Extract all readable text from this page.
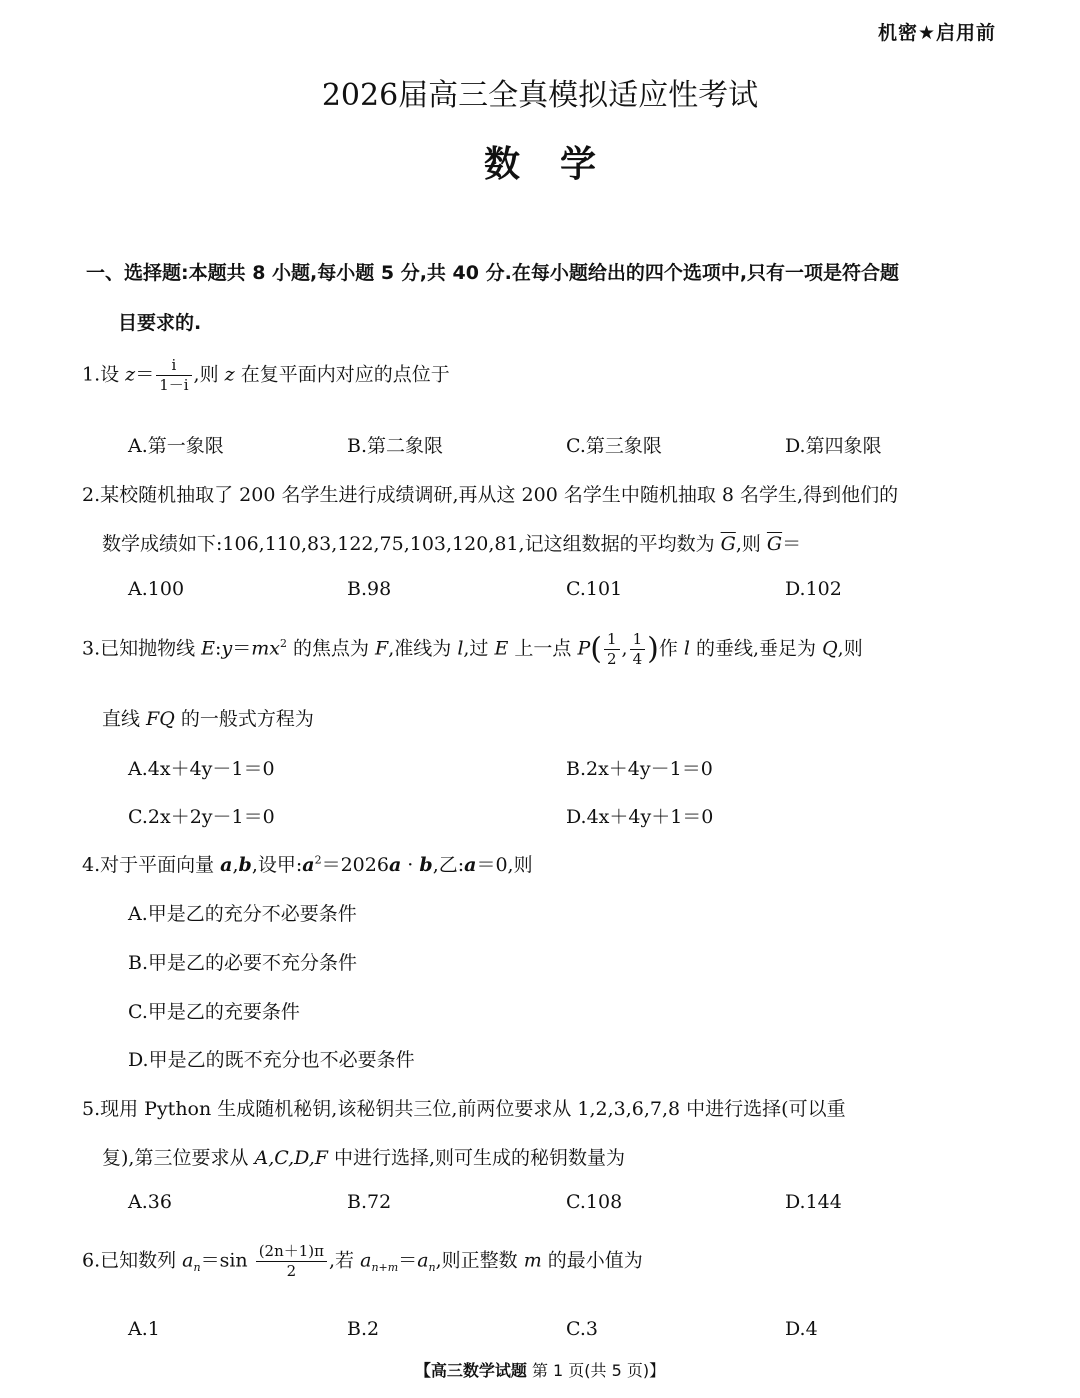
机密★启用前
2026届高三全真模拟适应性考试
数学
一、选择题:本题共 8 小题,每小题 5 分,共 40 分.在每小题给出的四个选项中,只有一项是符合题
目要求的.
1.设 $z= \frac{i}{1-i}$ ,则 z 在复平面内对应的点位于
A.第一象限	B.第二象限	C.第三象限	D.第四象限
2.某校随机抽取了 200 名学生进行成绩调研,再从这 200 名学生中随机抽取 8 名学生,得到他们的
数学成绩如下:106,110,83,122,75,103,120,81,记这组数据的平均数为 $\overline{G}$,则 $\overline{G}=$
A.100	B.98	C.101	D.102
3.已知抛物线 $E:y=mx^2$ 的焦点为 F,准线为 l,过 E 上一点 $P( \frac{1}{2}$ , $\frac{1}{4}$ )作 l 的垂线,垂足为 Q,则
直线 FQ 的一般式方程为
A.4x＋4y－1＝0	B.2x＋4y－1＝0
C.2x＋2y－1＝0	D.4x＋4y＋1＝0
4.对于平面向量 a,b,设甲$:a^2=2026a \cdot b$,乙:a＝0,则
A.甲是乙的充分不必要条件
B.甲是乙的必要不充分条件
C.甲是乙的充要条件
D.甲是乙的既不充分也不必要条件
5.现用 Python 生成随机秘钥,该秘钥共三位,前两位要求从 1,2,3,6,7,8 中进行选择(可以重
复),第三位要求从 A,C,D,F 中进行选择,则可生成的秘钥数量为
A.36	B.72	C.108	D.144
6.已知数列 $a_n=\sin \frac{(2n+1)\pi}{2}$ ,若 $a_{n+m}=a_n$,则正整数 m 的最小值为
A.1	B.2	C.3	D.4
【高三数学试题 第 1 页(共 5 页)】
